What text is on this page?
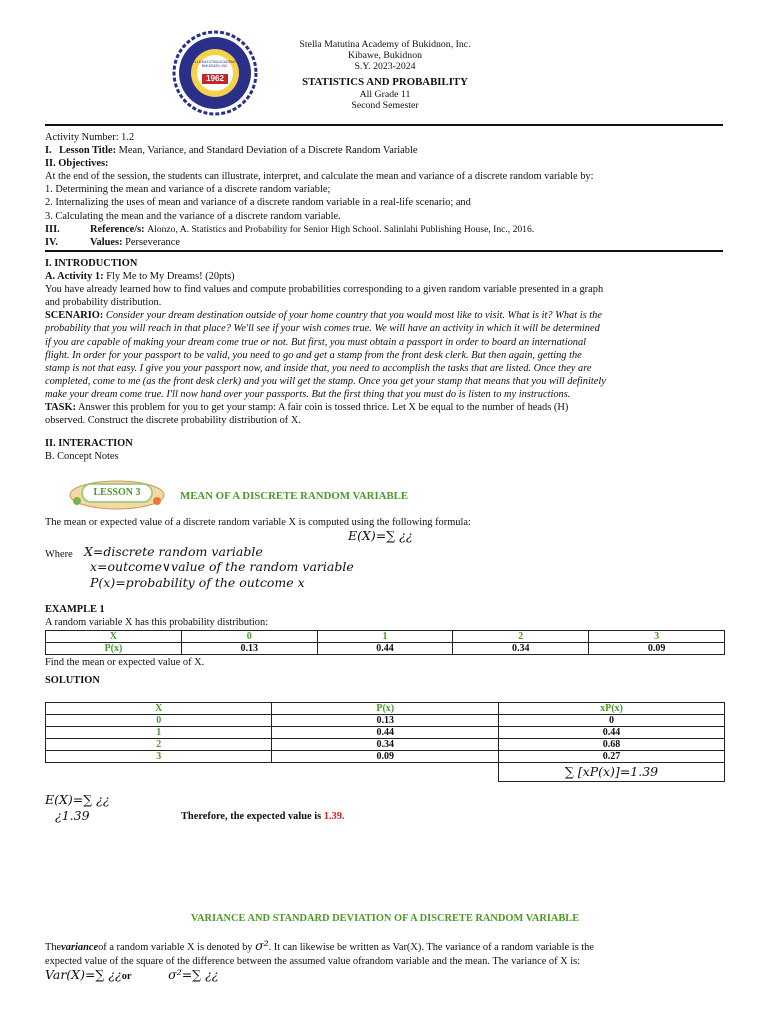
1962
STELLA MATUTINA ACADEMY OF BUKIDNON, INC.
Stella Matutina Academy of Bukidnon, Inc.
Kibawe, Bukidnon
S.Y. 2023-2024
STATISTICS AND PROBABILITY
All Grade 11
Second Semester
Activity Number: 1.2
I. Lesson Title: Mean, Variance, and Standard Deviation of a Discrete Random Variable
II. Objectives:
At the end of the session, the students can illustrate, interpret, and calculate the mean and variance of a discrete random variable by:
1. Determining the mean and variance of a discrete random variable;
2. Internalizing the uses of mean and variance of a discrete random variable in a real-life scenario; and
3. Calculating the mean and the variance of a discrete random variable.
III.	Reference/s: Alonzo, A. Statistics and Probability for Senior High School. Salinlahi Publishing House, Inc., 2016.
IV.	Values: Perseverance
I. INTRODUCTION
A. Activity 1: Fly Me to My Dreams! (20pts)
You have already learned how to find values and compute probabilities corresponding to a given random variable presented in a graph
and probability distribution.
SCENARIO: Consider your dream destination outside of your home country that you would most like to visit. What is it? What is the
probability that you will reach in that place? We'll see if your wish comes true. We will have an activity in which it will be determined
if you are capable of making your dream come true or not. But first, you must obtain a passport in order to board an international
flight. In order for your passport to be valid, you need to go and get a stamp from the front desk clerk. But then again, getting the
stamp is not that easy. I give you your passport now, and inside that, you need to accomplish the tasks that are listed. Once they are
completed, come to me (as the front desk clerk) and you will get the stamp. Once you get your stamp that means that you will definitely
make your dream come true. I'll now hand over your passports. But the first thing that you must do is listen to my instructions.
TASK: Answer this problem for you to get your stamp: A fair coin is tossed thrice. Let X be equal to the number of heads (H)
observed. Construct the discrete probability distribution of X.
II. INTERACTION
B. Concept Notes
LESSON 3	MEAN OF A DISCRETE RANDOM VARIABLE
The mean or expected value of a discrete random variable X is computed using the following formula:
E(X)=∑ ¿¿
Where X=discrete random variable
x=outcome∨value of the random variable
P(x)=probability of the outcome x
EXAMPLE 1
A random variable X has this probability distribution:
X	0	1	2	3
P(x)	0.13	0.44	0.34	0.09
Find the mean or expected value of X.
SOLUTION
X	P(x)	xP(x)
0	0.13	0
1	0.44	0.44
2	0.34	0.68
3	0.09	0.27
		∑ [xP(x)]=1.39
E(X)=∑ ¿¿
¿1.39	Therefore, the expected value is 1.39.
VARIANCE AND STANDARD DEVIATION OF A DISCRETE RANDOM VARIABLE
Thevarianceof a random variable X is denoted by σ². It can likewise be written as Var(X). The variance of a random variable is the
expected value of the square of the difference between the assumed value ofrandom variable and the mean. The variance of X is:
Var(X)=∑ ¿¿or	σ²=∑ ¿¿
